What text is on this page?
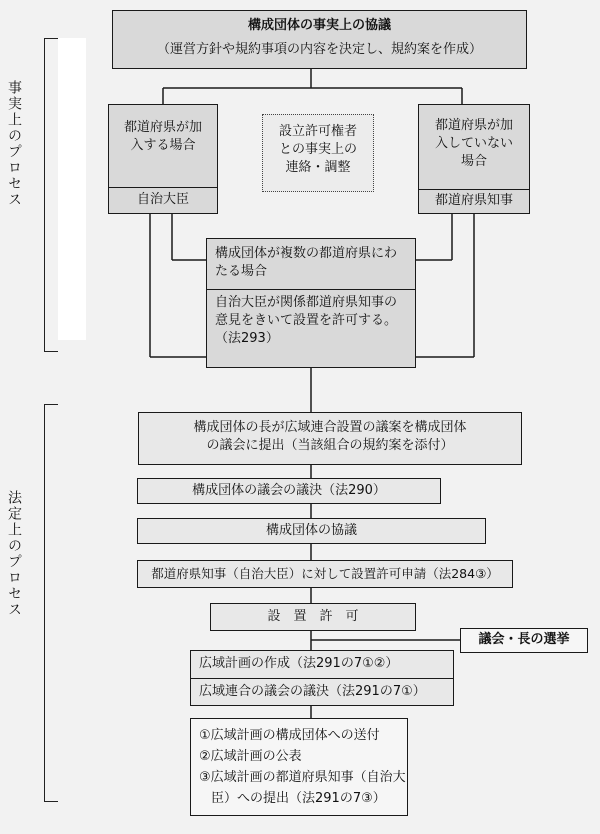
事実上のプロセス
法定上のプロセス
構成団体の事実上の協議
（運営方針や規約事項の内容を決定し、規約案を作成）
都道府県が加
入する場合
自治大臣
設立許可権者
との事実上の
連絡・調整
都道府県が加
入していない
場合
都道府県知事
構成団体が複数の都道府県にわ
たる場合
自治大臣が関係都道府県知事の
意見をきいて設置を許可する。
（法293）
構成団体の長が広域連合設置の議案を構成団体
の議会に提出（当該組合の規約案を添付）
構成団体の議会の議決（法290）
構成団体の協議
都道府県知事（自治大臣）に対して設置許可申請（法284③）
設　置　許　可
議会・長の選挙
広域計画の作成（法291の7①②）
広域連合の議会の議決（法291の7①）
①広域計画の構成団体への送付
②広域計画の公表
③広域計画の都道府県知事（自治大
臣）への提出（法291の7③）
